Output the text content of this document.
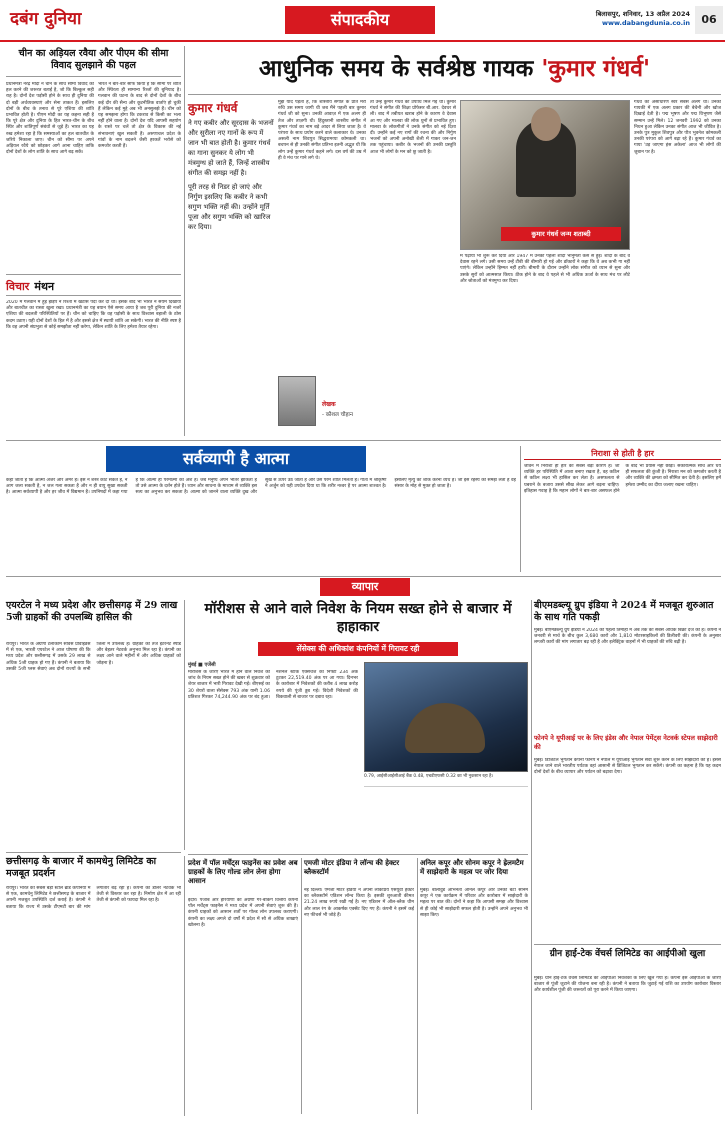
दबंग दुनिया	संपादकीय	बिलासपुर, शनिवार, 13 अप्रैल 2024
www.dabangdunia.co.in	06
चीन का अड़ियल रवैया और पीएम की सीमा विवाद सुलझाने की पहल
प्रधानमंत्री नरेंद्र मोदी ने चीन के साथ सीमा विवाद को हल करने की जरूरत बताई है, जो कि बिल्कुल सही राह है। दोनों देश पड़ोसी होने के साथ ही दुनिया की दो बड़ी अर्थव्यवस्थाएं और सेना ताकत हैं। इसलिए दोनों के बीच के तनाव से पूरे एशिया की शांति प्रभावित होती है। पीएम मोदी का यह कहना सही है कि पूरे क्षेत्र और दुनिया के हित भारत-चीन के बीच स्थिर और शांतिपूर्ण संबंधों से जुड़े हैं। भारत का यह रुख हमेशा रहा है कि समस्याओं का हल बातचीत के जरिये निकाला जाए। चीन को सीमा पर अपने अड़ियल रवैये को छोड़कर आगे आना चाहिए ताकि दोनों देशों के लोग शांति के साथ आगे बढ़ सकें।
भारत ने बार-बार साफ किया है कि सीमा पर शांति और स्थिरता ही सामान्य रिश्तों की बुनियाद है। गलवान की घटना के बाद से दोनों देशों के बीच कई दौर की सैन्य और कूटनीतिक वार्ताएं हो चुकी हैं लेकिन कई मुद्दे अब भी अनसुलझे हैं। चीन को यह समझना होगा कि टकराव से किसी का भला नहीं होने वाला है। दोनों देश यदि आपसी सहयोग के रास्ते पर चलें तो क्षेत्र के विकास की नई संभावनाएं खुल सकती हैं। अरुणाचल प्रदेश के गांवों के नाम बदलने जैसी हरकतें भरोसे को कमजोर करती हैं।
विचार मंथन
2020 में गलवान में हुई झड़प ने रिश्तों में खटास पैदा कर दी थी। इसके बाद भी भारत ने संयम दिखाया और बातचीत का रास्ता खुला रखा। प्रधानमंत्री का यह बयान ऐसे समय आया है जब पूरी दुनिया की नजरें एशिया की बदलती परिस्थितियों पर हैं। चीन को चाहिए कि वह पड़ोसी के साथ विश्वास बहाली के ठोस कदम उठाए। यही दोनों देशों के हित में है और इससे क्षेत्र में स्थायी शांति आ सकेगी। भारत की नीति स्पष्ट है कि वह अपनी संप्रभुता से कोई समझौता नहीं करेगा, लेकिन शांति के लिए हमेशा तैयार रहेगा।
आधुनिक समय के सर्वश्रेष्ठ गायक 'कुमार गंधर्व'
कुमार गंधर्व
ने गए कबीर और सूरदास के भजनों और सुरीला नए गानों के रूप में जान भी बात होती है। कुमार गंधर्व का गाना सुनकर ये लोग भी मंत्रमुग्ध हो जाते हैं, जिन्हें शास्त्रीय संगीत की समझ नहीं है।
पूरी तरह से निडर हो जाएं और निर्गुण इसलिए कि कबीर ने कभी सगुण भक्ति नहीं की। उन्होंने मूर्ति पूजा और सगुण भक्ति को खारिज कर दिया।
मुझे याद पड़ता है, कि शास्त्रीय संगीत के प्रति मेरी रुचि उस समय जागी थी जब मैंने पहली बार कुमार गंधर्व जी को सुना। उनकी आवाज़ में एक अलग ही तेज और ताज़गी थी। हिंदुस्तानी शास्त्रीय संगीत में कुमार गंधर्व का नाम बड़े आदर से लिया जाता है। वे परंपरा के साथ प्रयोग करने वाले कलाकार थे। उनका असली नाम शिवपुत्र सिद्धरामय्या कोमकली था। बचपन से ही उनकी संगीत प्रतिभा इतनी अद्भुत थी कि लोग उन्हें कुमार गंधर्व कहने लगे। दस वर्ष की उम्र में ही वे मंच पर गाने लगे थे।
लेखक
- कौशल चौहान
तो उन्हें कुमार गंधर्व की उपाधि मिल गई थी। कुमार गंधर्व ने संगीत की शिक्षा प्रोफेसर बी.आर. देवधर से ली। बाद में तबीयत खराब होने के कारण वे देवास आ गए और मालवा की लोक धुनों से प्रभावित हुए। मालवा के लोकगीतों ने उनके संगीत को नई दिशा दी। उन्होंने कई नए रागों की रचना की और निर्गुण भजनों को अपनी अनोखी शैली में गाकर जन-जन तक पहुंचाया। कबीर के भजनों की उनकी प्रस्तुति आज भी लोगों के मन को छू जाती है।
कुमार गंधर्व जन्म शताब्दी
में पढ़ाया भी शुरू कर दिया और 1947 में उनकी पहली शादी भानुमती कंस से हुई। शादी के बाद वे देवास रहने लगे। उसी समय उन्हें टीबी की बीमारी हो गई और डॉक्टरों ने कहा कि वे अब कभी गा नहीं पाएंगे। लेकिन उन्होंने हिम्मत नहीं हारी। बीमारी के दौरान उन्होंने लोक संगीत को ध्यान से सुना और उसके सुरों को आत्मसात किया। ठीक होने के बाद वे पहले से भी अधिक ऊर्जा के साथ मंच पर लौटे और श्रोताओं को मंत्रमुग्ध कर दिया।
गंधर्व का असाधारण स्वर सबसे अलग था। उनकी गायकी में एक अलग प्रकार की बेचैनी और खोज दिखाई देती है। पद्म भूषण और पद्म विभूषण जैसे सम्मान उन्हें मिले। 12 जनवरी 1992 को उनका निधन हुआ लेकिन उनका संगीत आज भी जीवित है। उनके पुत्र मुकुल शिवपुत्र और पौत्र भुवनेश कोमकली उनकी परंपरा को आगे बढ़ा रहे हैं। कुमार गंधर्व का गाया 'उड़ जाएगा हंस अकेला' आज भी लोगों की जुबान पर है।
सर्वव्यापी है आत्मा
कहा जाता है कि आत्मा अजर और अमर है। इसे न शस्त्र काट सकते हैं, न आग जला सकती है, न जल गला सकता है और न ही वायु सुखा सकती है। आत्मा सर्वव्यापी है और हर जीव में विद्यमान है। उपनिषदों में कहा गया है कि आत्मा ही परमात्मा का अंश है। जब मनुष्य अपने भीतर झांकता है तो उसे आत्मा के दर्शन होते हैं। ध्यान और साधना के माध्यम से व्यक्ति इस सत्य का अनुभव कर सकता है। आत्मा को जानने वाला व्यक्ति दुख और सुख से ऊपर उठ जाता है और उसे परम शांति मिलती है। गीता में श्रीकृष्ण ने अर्जुन को यही उपदेश दिया था कि शरीर नश्वर है पर आत्मा शाश्वत है। इसलिए मृत्यु का शोक करना व्यर्थ है। जो इस रहस्य को समझ लेता है वह संसार के मोह से मुक्त हो जाता है।
निराशा से होती है हार
जीवन में निराशा ही हार का सबसे बड़ा कारण है। जो व्यक्ति हर परिस्थिति में आशा बनाए रखता है, वह कठिन से कठिन लक्ष्य भी हासिल कर लेता है। असफलता से घबराने के बजाय उससे सीख लेकर आगे बढ़ना चाहिए। इतिहास गवाह है कि महान लोगों ने बार-बार असफल होने के बाद भी प्रयास नहीं छोड़ा। सकारात्मक सोच और धैर्य ही सफलता की कुंजी है। निराशा मन को कमजोर करती है और व्यक्ति की क्षमता को सीमित कर देती है। इसलिए हमें हमेशा उम्मीद का दीया जलाए रखना चाहिए।
व्यापार
एयरटेल ने मध्य प्रदेश और छत्तीसगढ़ में 29 लाख 5जी ग्राहकों की उपलब्धि हासिल की
रायपुर। भारत के अग्रणी टेलीकॉम सर्विस प्रोवाइडर्स में से एक, भारती एयरटेल ने आज घोषणा की कि मध्य प्रदेश और छत्तीसगढ़ में उसके 29 लाख से अधिक 5जी ग्राहक हो गए हैं। कंपनी ने बताया कि उसकी 5जी प्लस सेवाएं अब दोनों राज्यों के सभी जिलों में उपलब्ध हैं। ग्राहकों को तेज इंटरनेट स्पीड और बेहतर नेटवर्क अनुभव मिल रहा है। कंपनी का लक्ष्य आने वाले महीनों में और अधिक ग्राहकों को जोड़ना है।
मॉरीशस से आने वाले निवेश के नियम सख्त होने से बाजार में हाहाकार
सेंसेक्स की अधिकांश कंपनियों में गिरावट रही
मुंबई ■ एजेंसी
मॉरीशस के जरिए भारत में होने वाले निवेश की जांच के नियम सख्त होने की खबर से शुक्रवार को शेयर बाजार में भारी गिरावट देखी गई। बीएसई का 30 शेयरों वाला सेंसेक्स 793 अंक यानी 1.06 प्रतिशत गिरकर 74,244.90 अंक पर बंद हुआ। नेशनल स्टॉक एक्सचेंज का निफ्टी 234 अंक टूटकर 22,519.40 अंक पर आ गया। दिनभर के कारोबार में निवेशकों की करीब 4 लाख करोड़ रुपये की पूंजी डूब गई। विदेशी निवेशकों की बिकवाली से बाजार पर दबाव रहा।
0.79, आईसीआईसीआई बैंक 0.48, एचडीएफसी 0.32 का भी नुकसान रहा है।
बीएमडब्ल्यू ग्रुप इंडिया ने 2024 में मजबूत शुरुआत के साथ गति पकड़ी
मुंबई। बीएमडब्ल्यू ग्रुप इंडिया ने 2024 की पहली तिमाही में अब तक की सबसे अधिक बिक्री दर्ज की है। कंपनी ने जनवरी से मार्च के बीच कुल 3,680 कारों और 1,810 मोटरसाइकिलों की डिलीवरी की। कंपनी के अनुसार लग्जरी कारों की मांग लगातार बढ़ रही है और इलेक्ट्रिक वाहनों में भी ग्राहकों की रुचि बढ़ी है।
फोनपे ने यूपीआई पर के लिए इंडेस और नेपाल पेमेंट्स नेटवर्क स्टेपल साझेदारी की
मुंबई। डिजिटल भुगतान कंपनी फोनपे ने नेपाल में यूपीआई भुगतान सेवा शुरू करने के लिए साझेदारी की है। इससे नेपाल जाने वाले भारतीय पर्यटक वहां आसानी से डिजिटल भुगतान कर सकेंगे। कंपनी का कहना है कि यह कदम दोनों देशों के बीच व्यापार और पर्यटन को बढ़ावा देगा।
ग्रीन हाई-टेक वेंचर्स लिमिटेड का आईपीओ खुला
मुंबई। ग्रीन हाई-टेक वेंचर्स लिमिटेड का आईपीओ निवेशकों के लिए खुल गया है। कंपनी इस आईपीओ के जरिए बाजार से पूंजी जुटाने की योजना बना रही है। कंपनी ने बताया कि जुटाई गई राशि का उपयोग कारोबार विस्तार और कार्यशील पूंजी की जरूरतों को पूरा करने में किया जाएगा।
छत्तीसगढ़ के बाजार में कामधेनु लिमिटेड का मजबूत प्रदर्शन
रायपुर। भारत की सबसे बड़ी स्टील ब्रांड कंपनियों में से एक, कामधेनु लिमिटेड ने छत्तीसगढ़ के बाजार में अपनी मजबूत उपस्थिति दर्ज कराई है। कंपनी ने बताया कि राज्य में उसके टीएमटी बार की मांग लगातार बढ़ रही है। कंपनी का डीलर नेटवर्क भी तेजी से विस्तार कर रहा है। निर्माण क्षेत्र में आ रही तेजी से कंपनी को फायदा मिल रहा है।
प्रदेश में पॉल मर्चेंट्स फाइनेंस का प्रवेश अब ग्राहकों के लिए गोल्ड लोन लेना होगा आसान
इंदौर। पंजाब और हरियाणा की अग्रणी गैर-बैंकिंग वित्तीय कंपनी पॉल मर्चेंट्स फाइनेंस ने मध्य प्रदेश में अपनी सेवाएं शुरू की हैं। कंपनी ग्राहकों को आसान शर्तों पर गोल्ड लोन उपलब्ध कराएगी। कंपनी का लक्ष्य अगले दो वर्षों में प्रदेश में सौ से अधिक शाखाएं खोलना है।
एमजी मोटर इंडिया ने लॉन्च की हेक्टर ब्लैकस्टॉर्म
नई दिल्ली। एमजी मोटर इंडिया ने अपनी लोकप्रिय एसयूवी हेक्टर का ब्लैकस्टॉर्म एडिशन लॉन्च किया है। इसकी शुरुआती कीमत 21.24 लाख रुपये रखी गई है। नए एडिशन में ऑल-ब्लैक थीम और लाल रंग के आकर्षक एक्सेंट दिए गए हैं। कंपनी ने इसमें कई नए फीचर्स भी जोड़े हैं।
अनिल कपूर और सोनम कपूर ने ह्रेलमटैम में साझेदारी के महत्व पर जोर दिया
मुंबई। बॉलीवुड अभिनेता अनिल कपूर और उनकी बेटी सोनम कपूर ने एक कार्यक्रम में परिवार और कारोबार में साझेदारी के महत्व पर बात की। दोनों ने कहा कि आपसी समझ और विश्वास से ही कोई भी साझेदारी सफल होती है। उन्होंने अपने अनुभव भी साझा किए।
